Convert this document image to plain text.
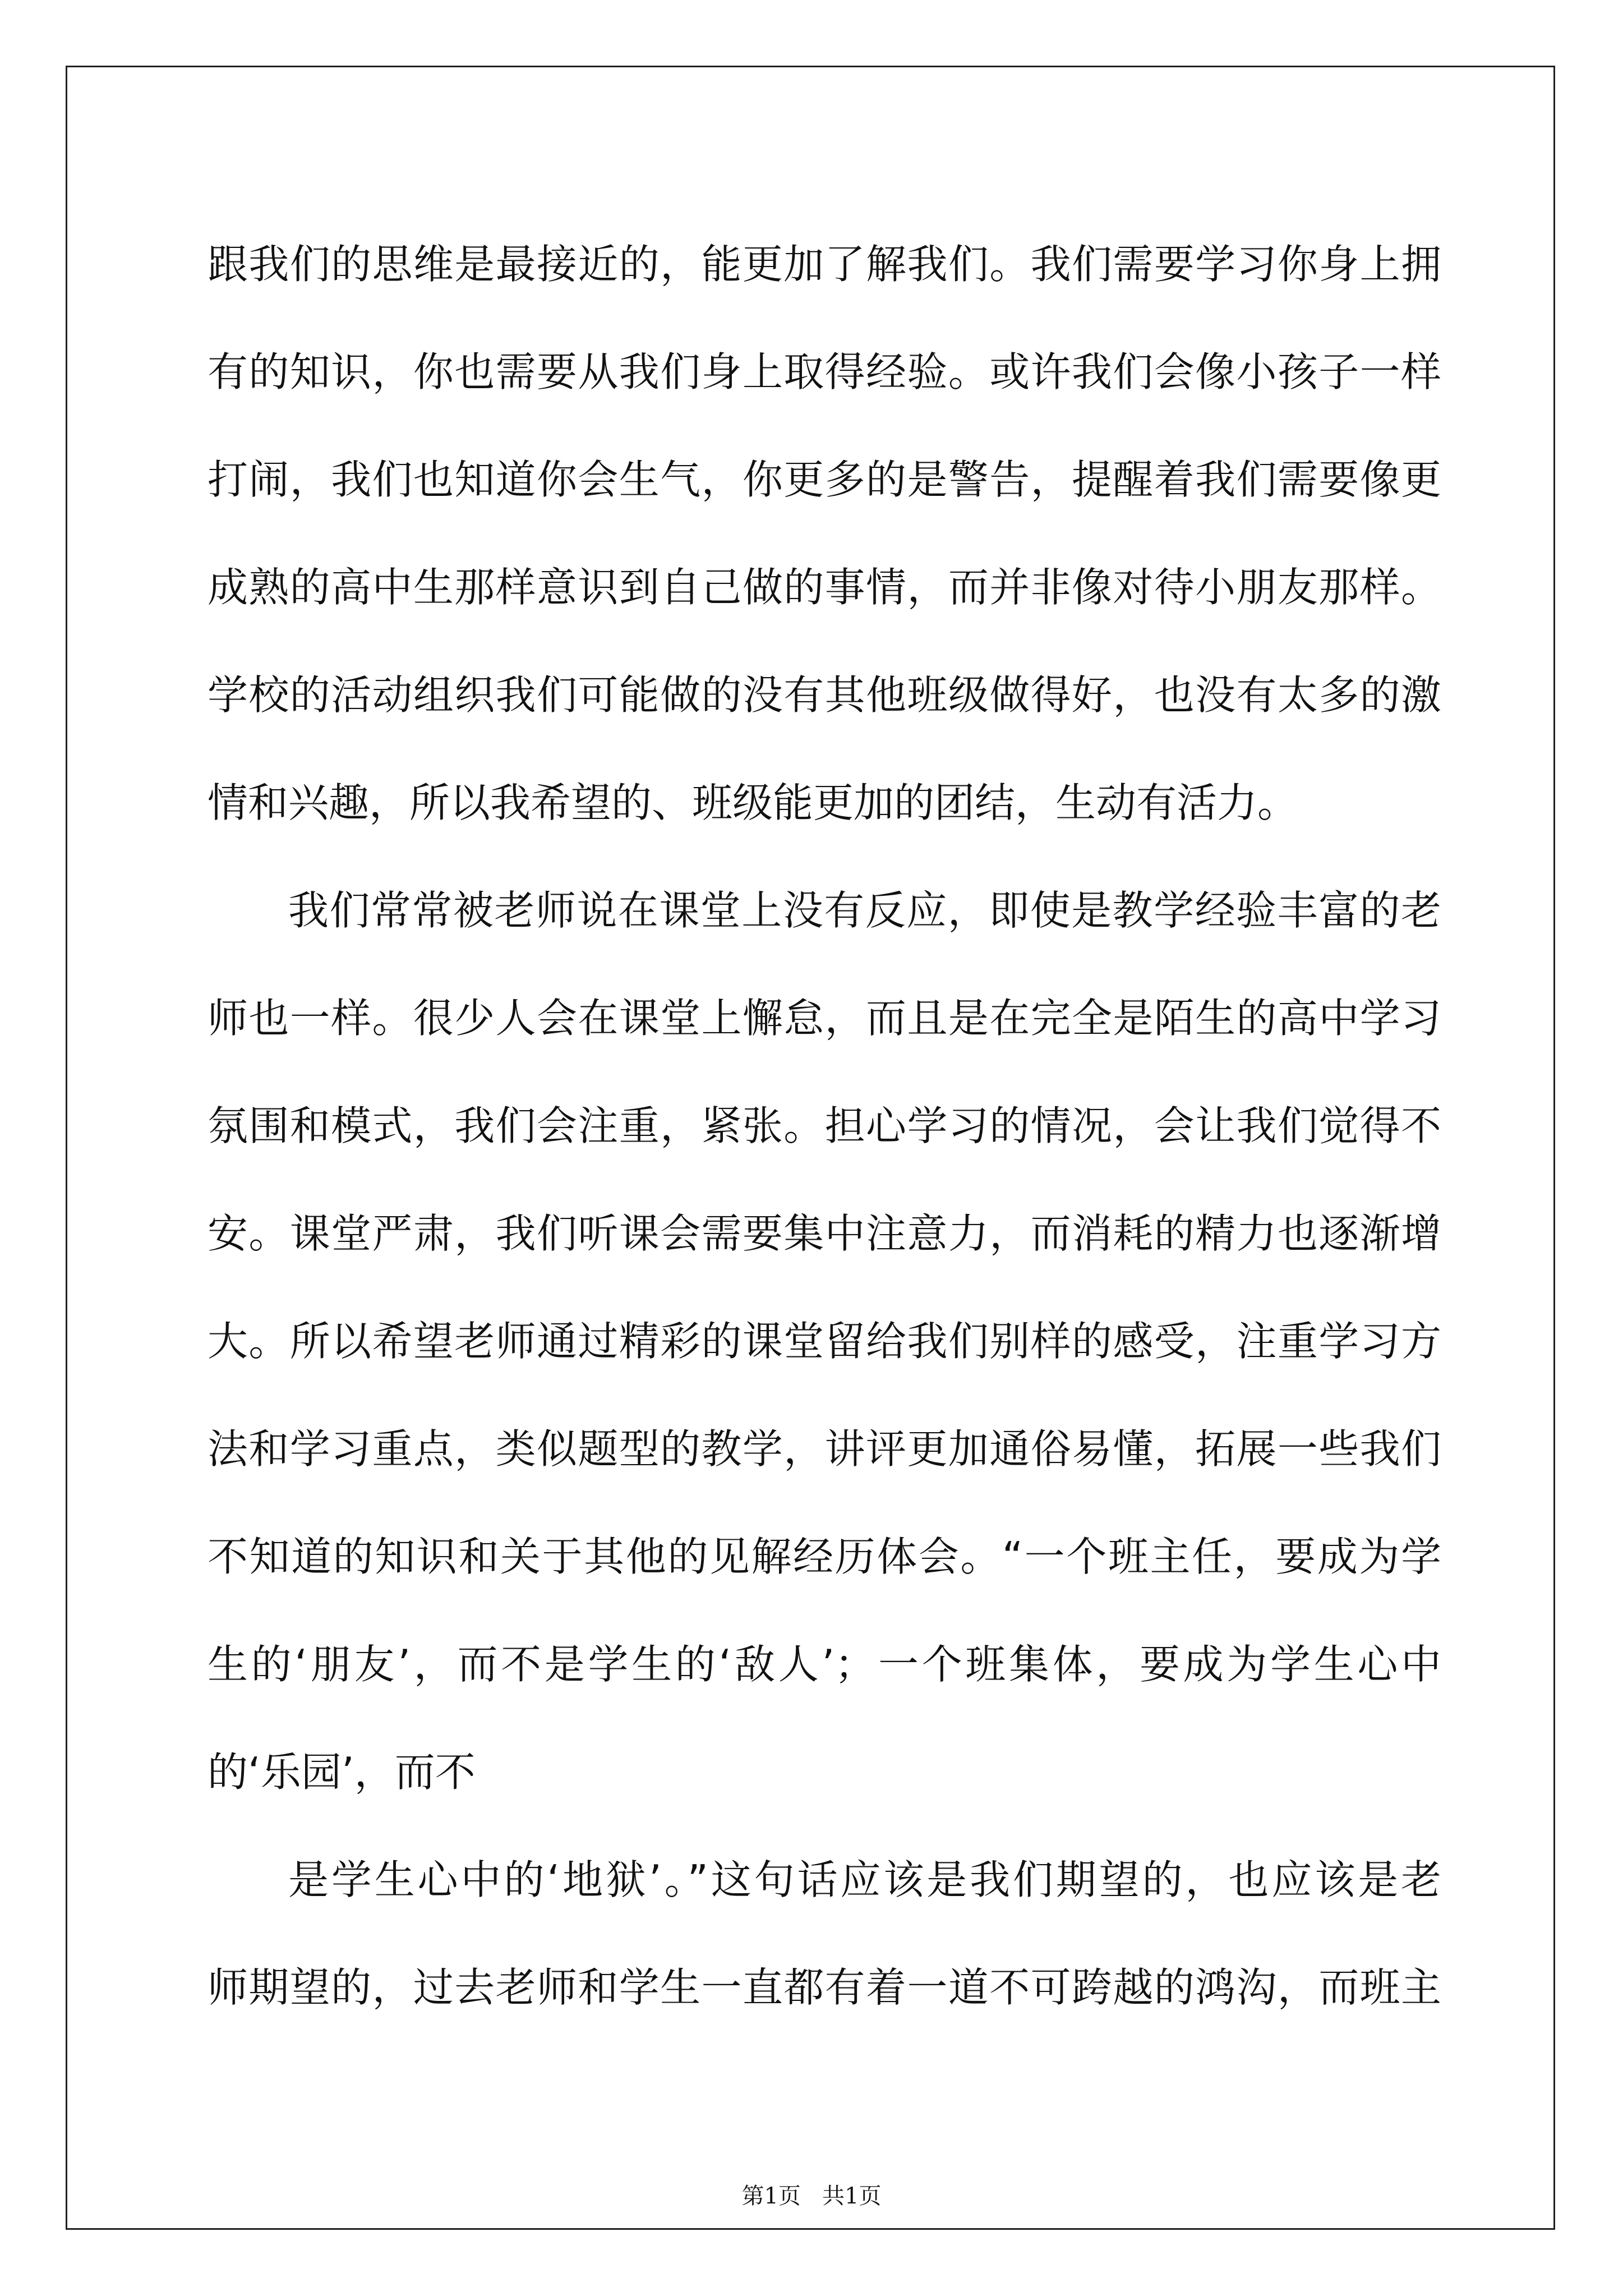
跟我们的思维是最接近的，能更加了解我们。我们需要学习你身上拥
有的知识，你也需要从我们身上取得经验。或许我们会像小孩子一样
打闹，我们也知道你会生气，你更多的是警告，提醒着我们需要像更
成熟的高中生那样意识到自己做的事情，而并非像对待小朋友那样。
学校的活动组织我们可能做的没有其他班级做得好，也没有太多的激
情和兴趣，所以我希望的、班级能更加的团结，生动有活力。
我们常常被老师说在课堂上没有反应，即使是教学经验丰富的老
师也一样。很少人会在课堂上懈怠，而且是在完全是陌生的高中学习
氛围和模式，我们会注重，紧张。担心学习的情况，会让我们觉得不
安。课堂严肃，我们听课会需要集中注意力，而消耗的精力也逐渐增
大。所以希望老师通过精彩的课堂留给我们别样的感受，注重学习方
法和学习重点，类似题型的教学，讲评更加通俗易懂，拓展一些我们
不知道的知识和关于其他的见解经历体会。“一个班主任，要成为学
生的‘朋友’，而不是学生的‘敌人’；一个班集体，要成为学生心中
的‘乐园’，而不
是学生心中的‘地狱’。”这句话应该是我们期望的，也应该是老
师期望的，过去老师和学生一直都有着一道不可跨越的鸿沟，而班主
第1页   共1页
